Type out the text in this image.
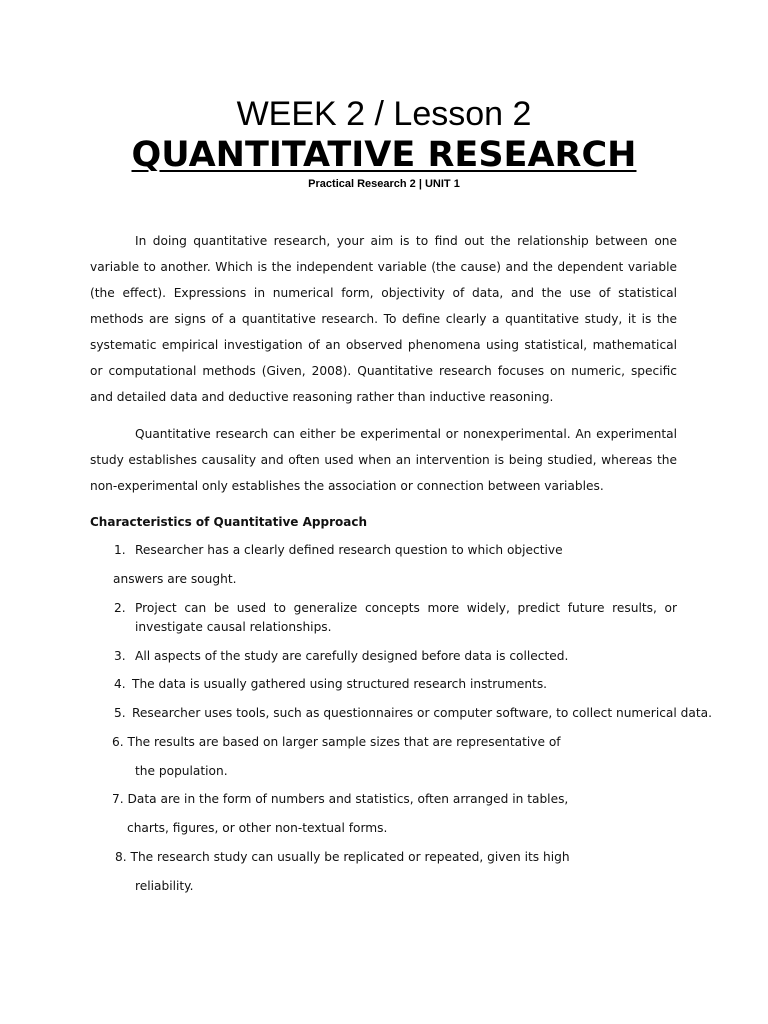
WEEK 2 / Lesson 2
QUANTITATIVE RESEARCH
Practical Research 2 | UNIT 1

In doing quantitative research, your aim is to find out the relationship between one variable to another. Which is the independent variable (the cause) and the dependent variable (the effect). Expressions in numerical form, objectivity of data, and the use of statistical methods are signs of a quantitative research. To define clearly a quantitative study, it is the systematic empirical investigation of an observed phenomena using statistical, mathematical or computational methods (Given, 2008). Quantitative research focuses on numeric, specific and detailed data and deductive reasoning rather than inductive reasoning.

Quantitative research can either be experimental or nonexperimental. An experimental study establishes causality and often used when an intervention is being studied, whereas the non-experimental only establishes the association or connection between variables.

Characteristics of Quantitative Approach

1. Researcher has a clearly defined research question to which objective

answers are sought.

2. Project can be used to generalize concepts more widely, predict future results, or investigate causal relationships.

3. All aspects of the study are carefully designed before data is collected.

4. The data is usually gathered using structured research instruments.

5. Researcher uses tools, such as questionnaires or computer software, to collect numerical data.

6. The results are based on larger sample sizes that are representative of

the population.

7. Data are in the form of numbers and statistics, often arranged in tables,

charts, figures, or other non-textual forms.

8. The research study can usually be replicated or repeated, given its high

reliability.
